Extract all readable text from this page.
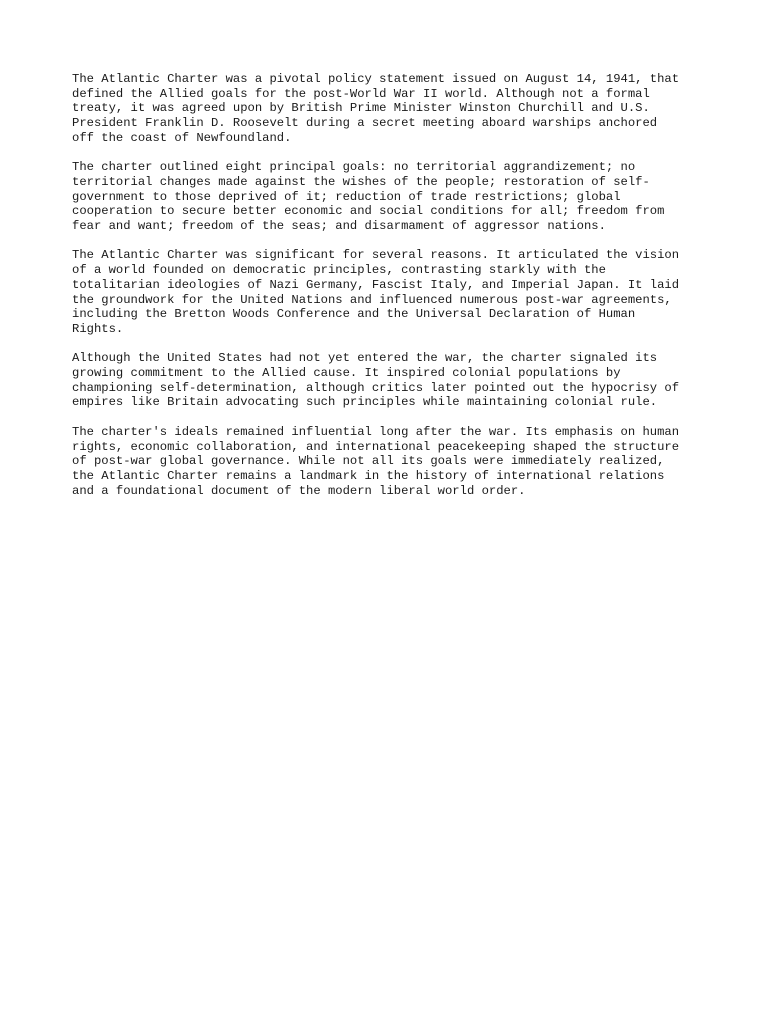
The Atlantic Charter was a pivotal policy statement issued on August 14, 1941, that
defined the Allied goals for the post-World War II world. Although not a formal
treaty, it was agreed upon by British Prime Minister Winston Churchill and U.S.
President Franklin D. Roosevelt during a secret meeting aboard warships anchored
off the coast of Newfoundland.

The charter outlined eight principal goals: no territorial aggrandizement; no
territorial changes made against the wishes of the people; restoration of self-
government to those deprived of it; reduction of trade restrictions; global
cooperation to secure better economic and social conditions for all; freedom from
fear and want; freedom of the seas; and disarmament of aggressor nations.

The Atlantic Charter was significant for several reasons. It articulated the vision
of a world founded on democratic principles, contrasting starkly with the
totalitarian ideologies of Nazi Germany, Fascist Italy, and Imperial Japan. It laid
the groundwork for the United Nations and influenced numerous post-war agreements,
including the Bretton Woods Conference and the Universal Declaration of Human
Rights.

Although the United States had not yet entered the war, the charter signaled its
growing commitment to the Allied cause. It inspired colonial populations by
championing self-determination, although critics later pointed out the hypocrisy of
empires like Britain advocating such principles while maintaining colonial rule.

The charter's ideals remained influential long after the war. Its emphasis on human
rights, economic collaboration, and international peacekeeping shaped the structure
of post-war global governance. While not all its goals were immediately realized,
the Atlantic Charter remains a landmark in the history of international relations
and a foundational document of the modern liberal world order.
